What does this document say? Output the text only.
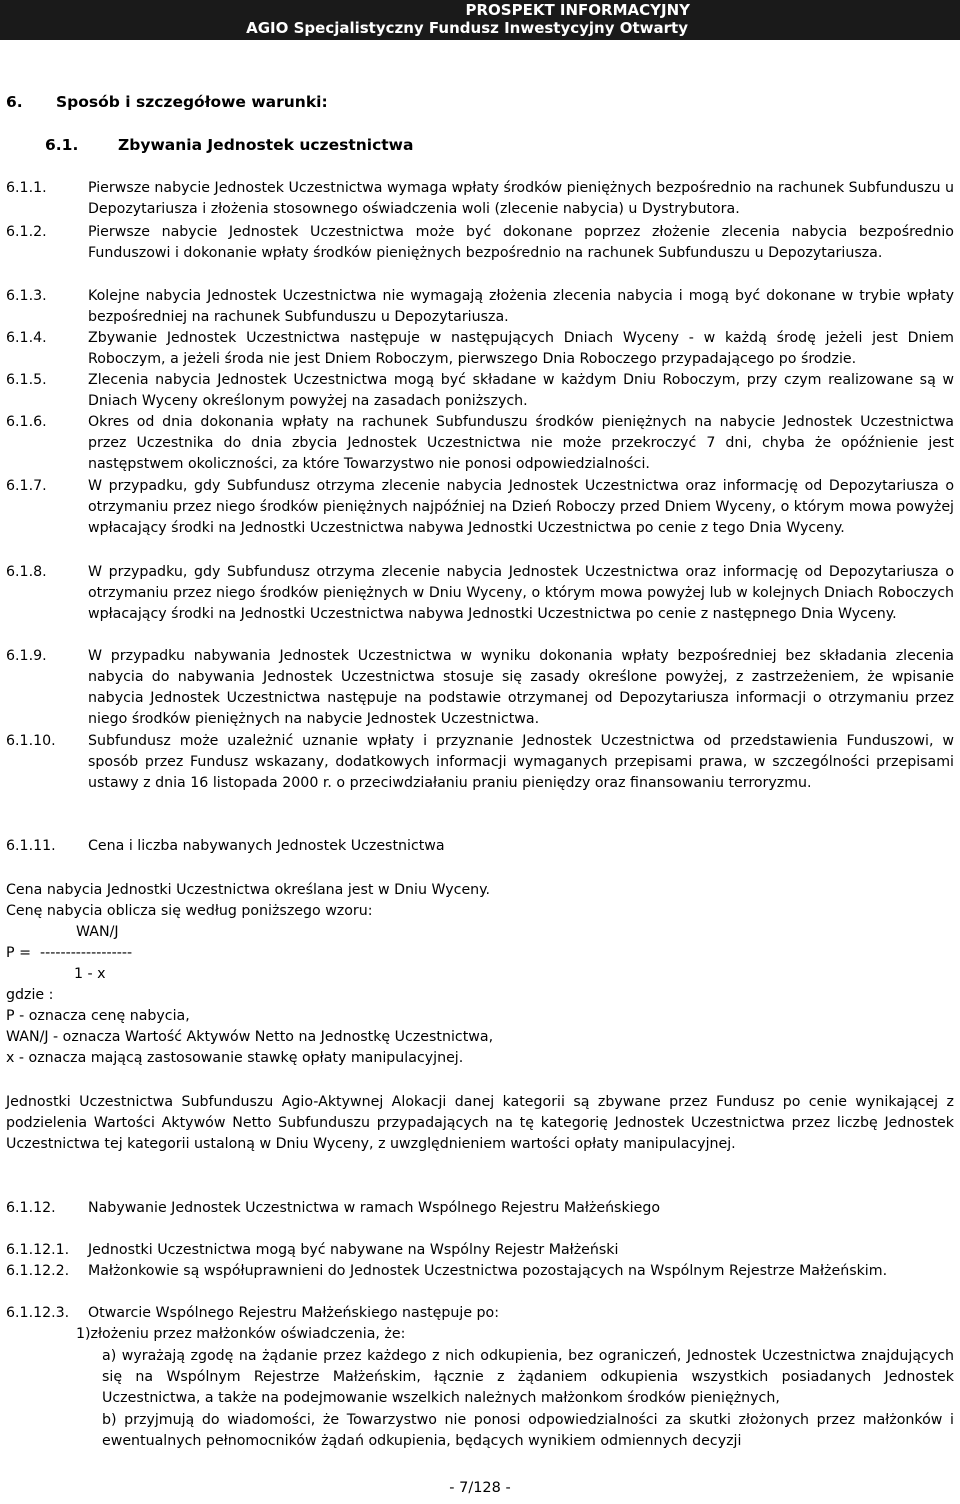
PROSPEKT INFORMACYJNY
AGIO Specjalistyczny Fundusz Inwestycyjny Otwarty
6. Sposób i szczegółowe warunki:
6.1.	Zbywania Jednostek uczestnictwa
6.1.1.	Pierwsze nabycie Jednostek Uczestnictwa wymaga wpłaty środków pieniężnych bezpośrednio na rachunek Subfunduszu u Depozytariusza i złożenia stosownego oświadczenia woli (zlecenie nabycia) u Dystrybutora.
6.1.2.	Pierwsze nabycie Jednostek Uczestnictwa może być dokonane poprzez złożenie zlecenia nabycia bezpośrednio Funduszowi i dokonanie wpłaty środków pieniężnych bezpośrednio na rachunek Subfunduszu u Depozytariusza.
6.1.3.	Kolejne nabycia Jednostek Uczestnictwa nie wymagają złożenia zlecenia nabycia i mogą być dokonane w trybie wpłaty bezpośredniej na rachunek Subfunduszu u Depozytariusza.
6.1.4.	Zbywanie Jednostek Uczestnictwa następuje w następujących Dniach Wyceny - w każdą środę jeżeli jest Dniem Roboczym, a jeżeli środa nie jest Dniem Roboczym, pierwszego Dnia Roboczego przypadającego po środzie.
6.1.5.	Zlecenia nabycia Jednostek Uczestnictwa mogą być składane w każdym Dniu Roboczym, przy czym realizowane są w Dniach Wyceny określonym powyżej na zasadach poniższych.
6.1.6.	Okres od dnia dokonania wpłaty na rachunek Subfunduszu środków pieniężnych na nabycie Jednostek Uczestnictwa przez Uczestnika do dnia zbycia Jednostek Uczestnictwa nie może przekroczyć 7 dni, chyba że opóźnienie jest następstwem okoliczności, za które Towarzystwo nie ponosi odpowiedzialności.
6.1.7.	W przypadku, gdy Subfundusz otrzyma zlecenie nabycia Jednostek Uczestnictwa oraz informację od Depozytariusza o otrzymaniu przez niego środków pieniężnych najpóźniej na Dzień Roboczy przed Dniem Wyceny, o którym mowa powyżej wpłacający środki na Jednostki Uczestnictwa nabywa Jednostki Uczestnictwa po cenie z tego Dnia Wyceny.
6.1.8.	W przypadku, gdy Subfundusz otrzyma zlecenie nabycia Jednostek Uczestnictwa oraz informację od Depozytariusza o otrzymaniu przez niego środków pieniężnych w Dniu Wyceny, o którym mowa powyżej lub w kolejnych Dniach Roboczych wpłacający środki na Jednostki Uczestnictwa nabywa Jednostki Uczestnictwa po cenie z następnego Dnia Wyceny.
6.1.9.	W przypadku nabywania Jednostek Uczestnictwa w wyniku dokonania wpłaty bezpośredniej bez składania zlecenia nabycia do nabywania Jednostek Uczestnictwa stosuje się zasady określone powyżej, z zastrzeżeniem, że wpisanie nabycia Jednostek Uczestnictwa następuje na podstawie otrzymanej od Depozytariusza informacji o otrzymaniu przez niego środków pieniężnych na nabycie Jednostek Uczestnictwa.
6.1.10. Subfundusz może uzależnić uznanie wpłaty i przyznanie Jednostek Uczestnictwa od przedstawienia Funduszowi, w sposób przez Fundusz wskazany, dodatkowych informacji wymaganych przepisami prawa, w szczególności przepisami ustawy z dnia 16 listopada 2000 r. o przeciwdziałaniu praniu pieniędzy oraz finansowaniu terroryzmu.
6.1.11. Cena i liczba nabywanych Jednostek Uczestnictwa
Cena nabycia Jednostki Uczestnictwa określana jest w Dniu Wyceny.
Cenę nabycia oblicza się według poniższego wzoru:
WAN/J
P =  ------------------
1 - x
gdzie :
P - oznacza cenę nabycia,
WAN/J - oznacza Wartość Aktywów Netto na Jednostkę Uczestnictwa,
x - oznacza mającą zastosowanie stawkę opłaty manipulacyjnej.
Jednostki Uczestnictwa Subfunduszu Agio-Aktywnej Alokacji danej kategorii są zbywane przez Fundusz po cenie wynikającej z podzielenia Wartości Aktywów Netto Subfunduszu przypadających na tę kategorię Jednostek Uczestnictwa przez liczbę Jednostek Uczestnictwa tej kategorii ustaloną w Dniu Wyceny, z uwzględnieniem wartości opłaty manipulacyjnej.
6.1.12. Nabywanie Jednostek Uczestnictwa w ramach Wspólnego Rejestru Małżeńskiego
6.1.12.1. Jednostki Uczestnictwa mogą być nabywane na Wspólny Rejestr Małżeński
6.1.12.2. Małżonkowie są współuprawnieni do Jednostek Uczestnictwa pozostających na Wspólnym Rejestrze Małżeńskim.
6.1.12.3. Otwarcie Wspólnego Rejestru Małżeńskiego następuje po:
1)złożeniu przez małżonków oświadczenia, że:
a) wyrażają zgodę na żądanie przez każdego z nich odkupienia, bez ograniczeń, Jednostek Uczestnictwa znajdujących się na Wspólnym Rejestrze Małżeńskim, łącznie z żądaniem odkupienia wszystkich posiadanych Jednostek Uczestnictwa, a także na podejmowanie wszelkich należnych małżonkom środków pieniężnych,
b) przyjmują do wiadomości, że Towarzystwo nie ponosi odpowiedzialności za skutki złożonych przez małżonków i ewentualnych pełnomocników żądań odkupienia, będących wynikiem odmiennych decyzji
- 7/128 -
